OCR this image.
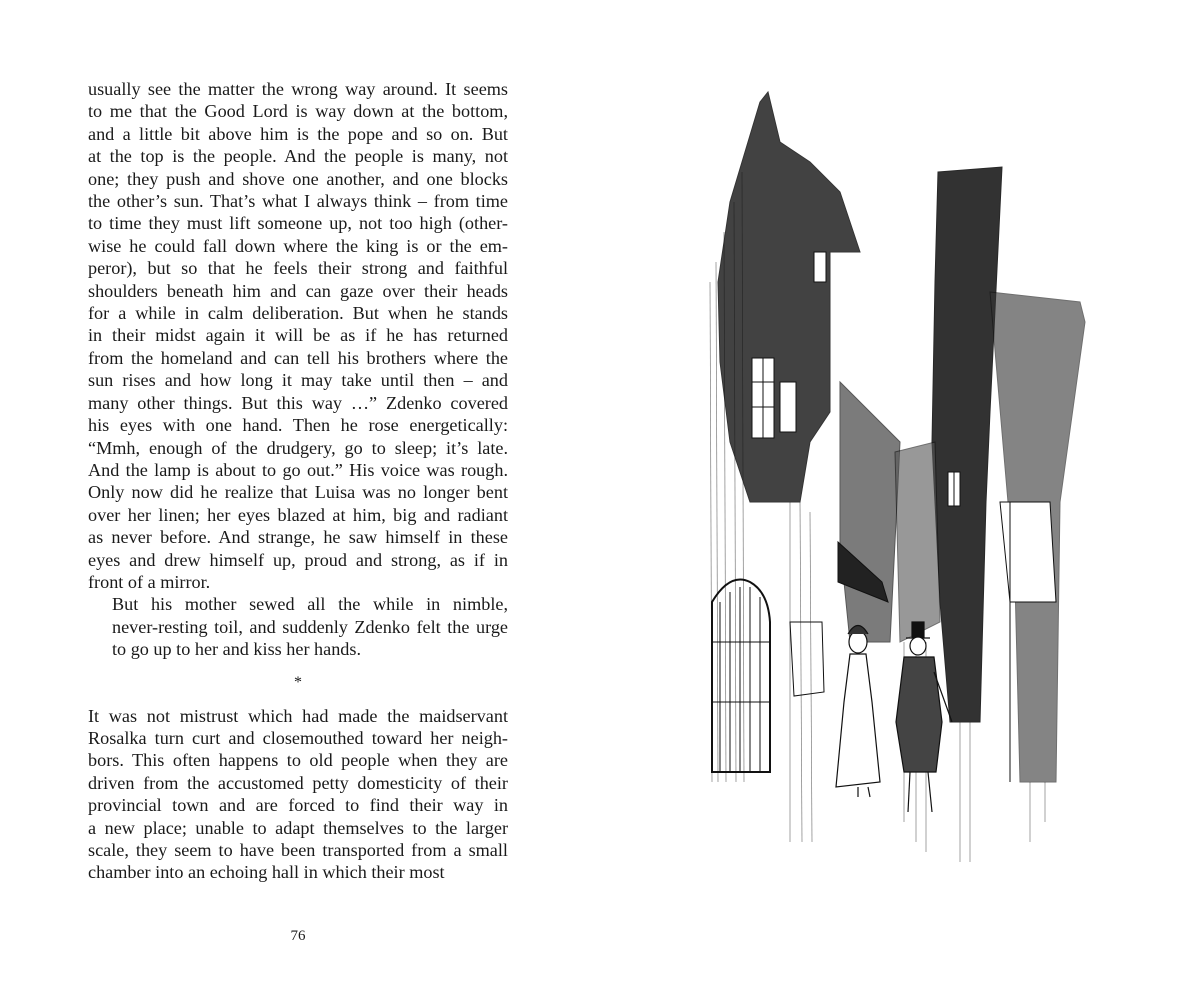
usually see the matter the wrong way around. It seems
to me that the Good Lord is way down at the bottom,
and a little bit above him is the pope and so on. But
at the top is the people. And the people is many, not
one; they push and shove one another, and one blocks
the other’s sun. That’s what I always think – from time
to time they must lift someone up, not too high (other-
wise he could fall down where the king is or the em-
peror), but so that he feels their strong and faithful
shoulders beneath him and can gaze over their heads
for a while in calm deliberation. But when he stands
in their midst again it will be as if he has returned
from the homeland and can tell his brothers where the
sun rises and how long it may take until then – and
many other things. But this way …” Zdenko covered
his eyes with one hand. Then he rose energetically:
“Mmh, enough of the drudgery, go to sleep; it’s late.
And the lamp is about to go out.” His voice was rough.
Only now did he realize that Luisa was no longer bent
over her linen; her eyes blazed at him, big and radiant
as never before. And strange, he saw himself in these
eyes and drew himself up, proud and strong, as if in
front of a mirror.

But his mother sewed all the while in nimble,
never-resting toil, and suddenly Zdenko felt the urge
to go up to her and kiss her hands.

*

It was not mistrust which had made the maidservant
Rosalka turn curt and closemouthed toward her neigh-
bors. This often happens to old people when they are
driven from the accustomed petty domesticity of their
provincial town and are forced to find their way in
a new place; unable to adapt themselves to the larger
scale, they seem to have been transported from a small
chamber into an echoing hall in which their most

76
